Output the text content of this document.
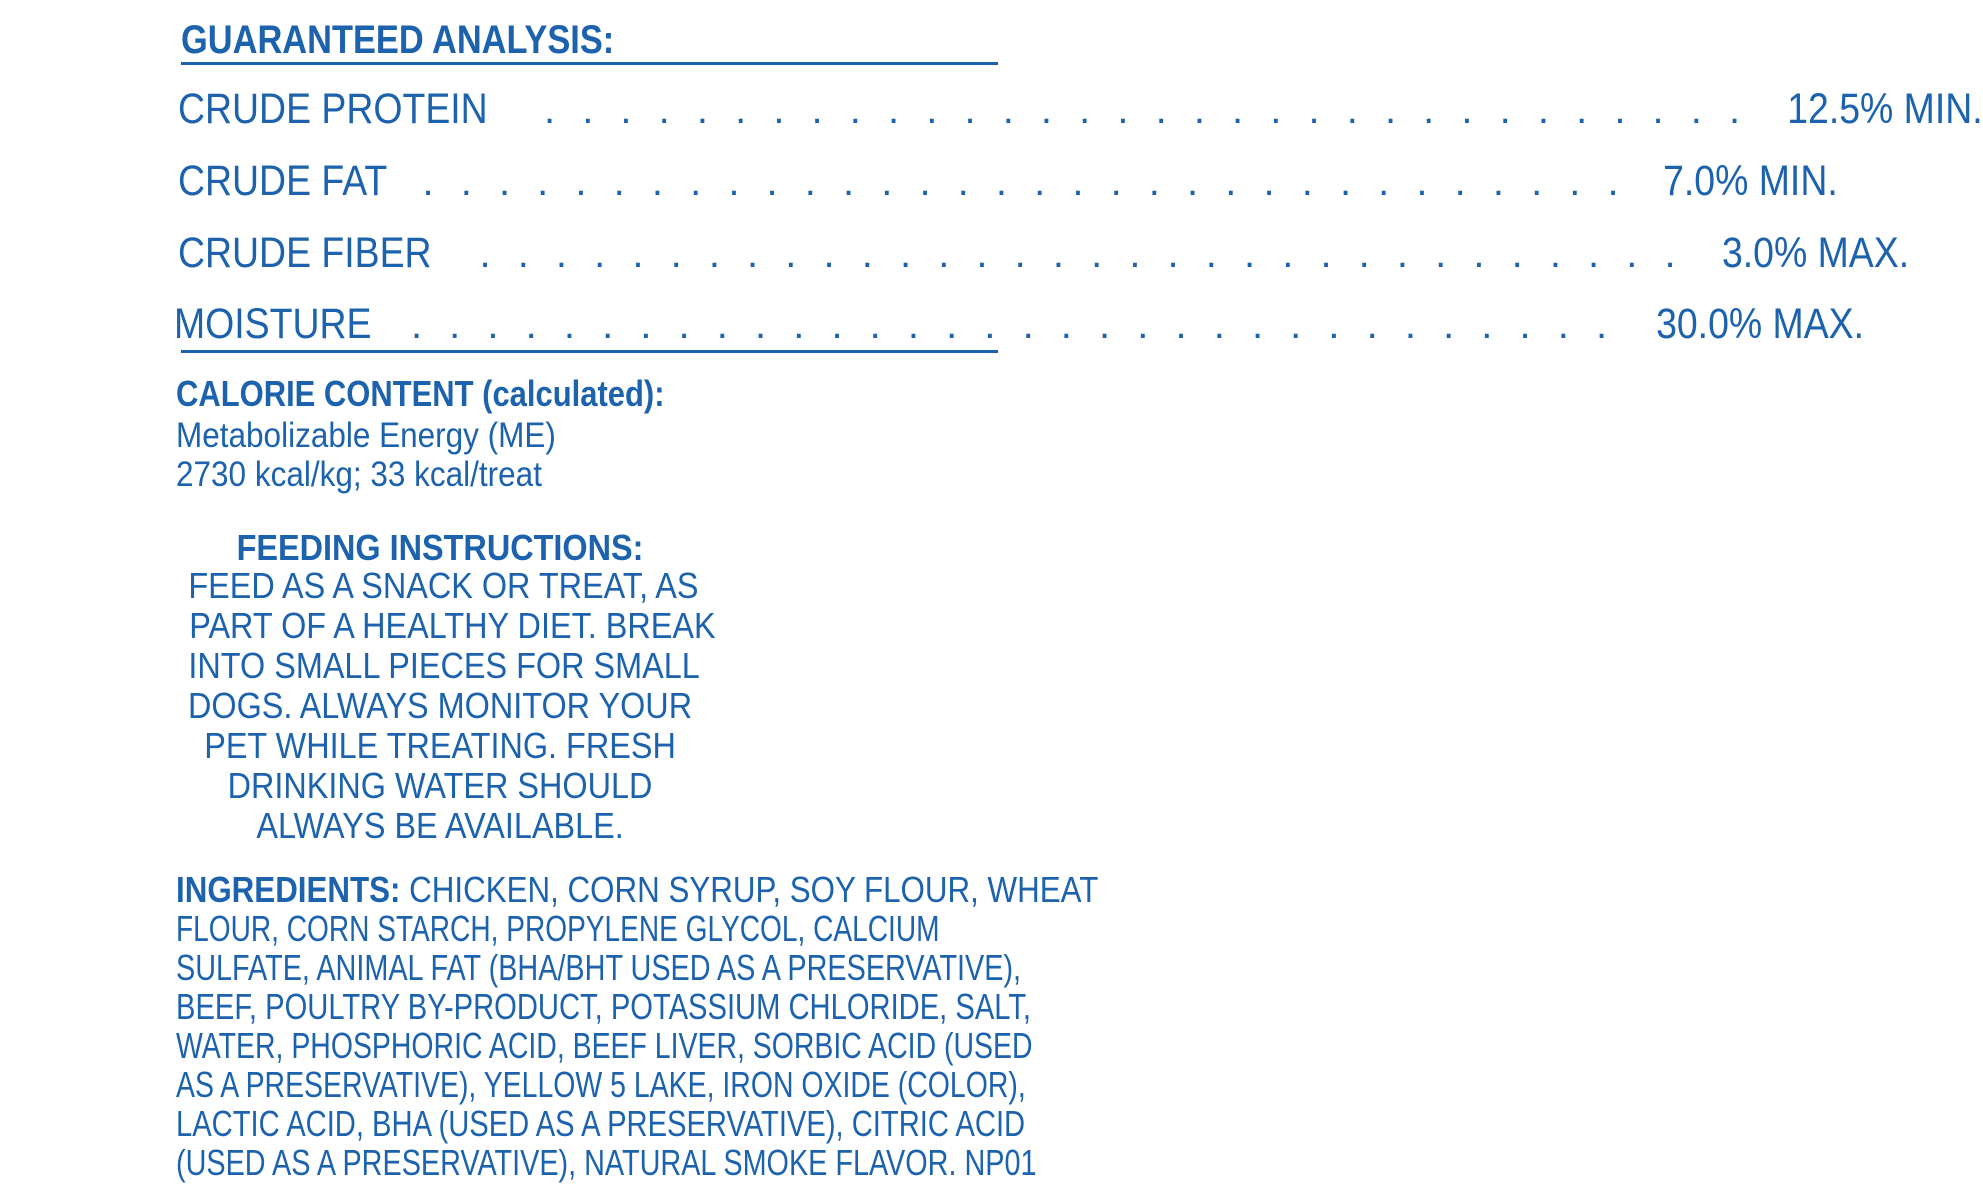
GUARANTEED ANALYSIS:
CRUDE PROTEIN . . . . . . . . . . . . . . . . . . . . . . . . . . . . . . . . 12.5% MIN.
CRUDE FAT . . . . . . . . . . . . . . . . . . . . . . . . . . . . . . . . 7.0% MIN.
CRUDE FIBER . . . . . . . . . . . . . . . . . . . . . . . . . . . . . . . . 3.0% MAX.
MOISTURE . . . . . . . . . . . . . . . . . . . . . . . . . . . . . . . . 30.0% MAX.
CALORIE CONTENT (calculated):
Metabolizable Energy (ME)
2730 kcal/kg; 33 kcal/treat
FEEDING INSTRUCTIONS:
FEED AS A SNACK OR TREAT, AS
PART OF A HEALTHY DIET. BREAK
INTO SMALL PIECES FOR SMALL
DOGS. ALWAYS MONITOR YOUR
PET WHILE TREATING. FRESH
DRINKING WATER SHOULD
ALWAYS BE AVAILABLE.
INGREDIENTS: CHICKEN, CORN SYRUP, SOY FLOUR, WHEAT
FLOUR, CORN STARCH, PROPYLENE GLYCOL, CALCIUM
SULFATE, ANIMAL FAT (BHA/BHT USED AS A PRESERVATIVE),
BEEF, POULTRY BY-PRODUCT, POTASSIUM CHLORIDE, SALT,
WATER, PHOSPHORIC ACID, BEEF LIVER, SORBIC ACID (USED
AS A PRESERVATIVE), YELLOW 5 LAKE, IRON OXIDE (COLOR),
LACTIC ACID, BHA (USED AS A PRESERVATIVE), CITRIC ACID
(USED AS A PRESERVATIVE), NATURAL SMOKE FLAVOR. NP01
